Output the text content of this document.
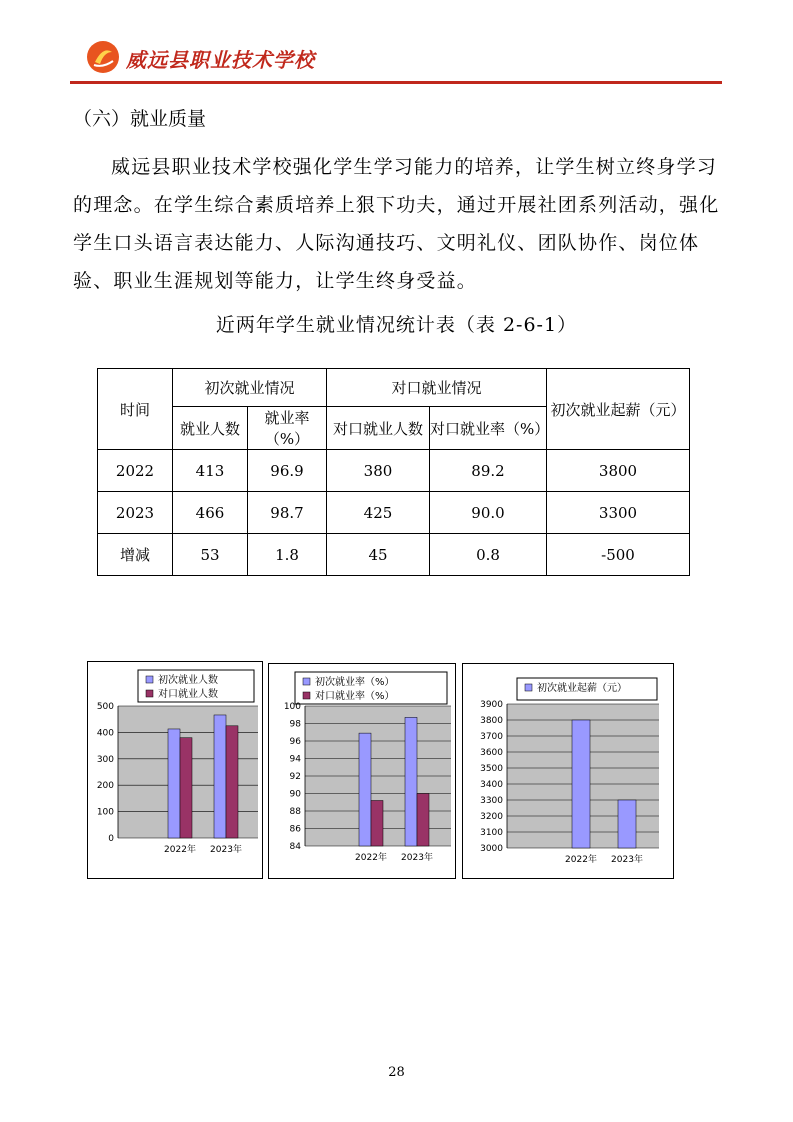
威远县职业技术学校
（六）就业质量
威远县职业技术学校强化学生学习能力的培养，让学生树立终身学习的理念。在学生综合素质培养上狠下功夫，通过开展社团系列活动，强化学生口头语言表达能力、人际沟通技巧、文明礼仪、团队协作、岗位体验、职业生涯规划等能力，让学生终身受益。
近两年学生就业情况统计表（表 2-6-1）
时间	初次就业情况		对口就业情况		初次就业起薪（元）
	就业人数	就业率（%）	对口就业人数	对口就业率（%）	
2022	413	96.9	380	89.2	3800
2023	466	98.7	425	90.0	3300
增减	53	1.8	45	0.8	-500
初次就业人数
对口就业人数
500
400
300
200
100
0
2022年 2023年
初次就业率（%）
对口就业率（%）
100
98
96
94
92
90
88
86
84
2022年 2023年
初次就业起薪（元）
3900
3800
3700
3600
3500
3400
3300
3200
3100
3000
2022年 2023年
28
